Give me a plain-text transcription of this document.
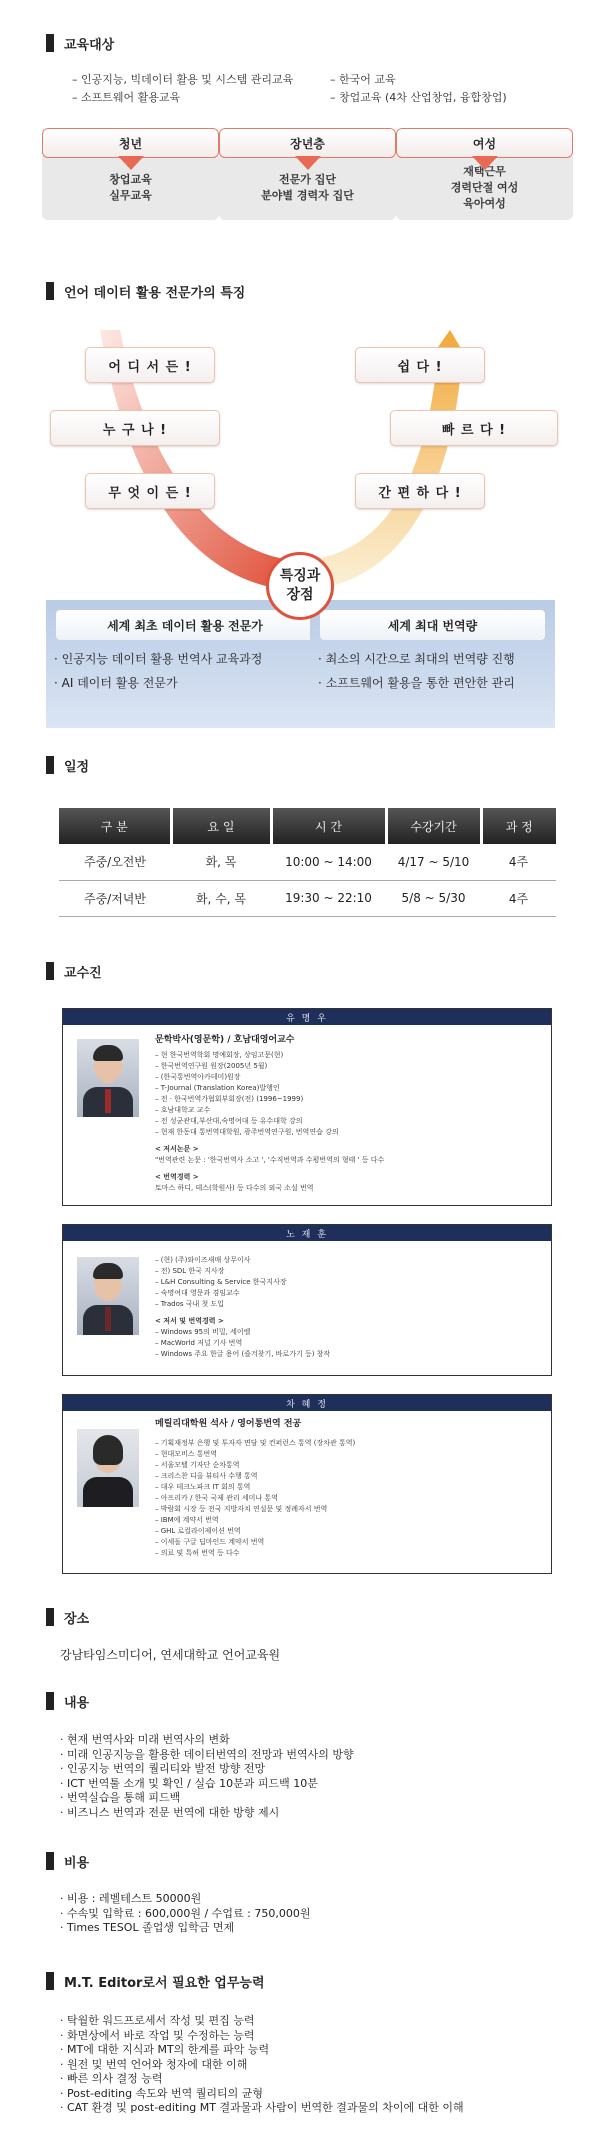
교육대상
– 인공지능, 빅데이터 활용 및 시스템 관리교육
– 소프트웨어 활용교육
– 한국어 교육
– 창업교육 (4차 산업창업, 융합창업)
청년
창업교육
실무교육
장년층
전문가 집단
분야별 경력자 집단
여성
재택근무
경력단절 여성
육아여성
언어 데이터 활용 전문가의 특징
어 디 서 든 !
누 구 나 !
무 엇 이 든 !
쉽 다 !
빠 르 다 !
간 편 하 다 !
특징과
장점
세계 최초 데이터 활용 전문가
· 인공지능 데이터 활용 번역사 교육과정
· AI 데이터 활용 전문가
세계 최대 번역량
· 최소의 시간으로 최대의 번역량 진행
· 소프트웨어 활용을 통한 편안한 관리
일정
구 분	요 일	시 간	수강기간	과 정
주중/오전반	화, 목	10:00 ~ 14:00	4/17 ~ 5/10	4주
주중/저녁반	화, 수, 목	19:30 ~ 22:10	5/8 ~ 5/30	4주
교수진
유 명 우
문학박사(영문학) / 호남대영어교수
– 현 한국번역학회 명예회장, 상임고문(현)
– 한국번역연구원 원장(2005년 5월)
– (한국통번역아카데미)원장
– T-Journal (Translation Korea)발행인
– 전 · 한국번역가협회부회장(전) (1996~1999)
– 호남대학교 교수
– 전 성균관대,부산대,숙명여대 등 유수대학 강의
– 현재 한동대 통번역대학원, 광주번역연구원, 번역연습 강의
< 저서논문 >
"번역관련 논문 : '한국번역사 소고 ', '수직번역과 수평번역의 형태 ' 등 다수
< 번역경력 >
토마스 하디, 테스(학원사) 등 다수의 외국 소설 번역
노 재 훈
– (현) (주)와이즈새매 상무이사
– 전) SDL 한국 지사장
– L&H Consulting & Service 한국지사장
– 숙명여대 영문과 겸임교수
– Trados 국내 첫 도입
< 저서 및 번역경력 >
– Windows 95의 비밀, 세이렐
– MacWorld 저널 기사 번역
– Windows 주요 한글 용어 (즐겨찾기, 바로가기 등) 창작
차 혜 정
메릴리대학원 석사 / 영어통번역 전공
– 기획재정부 은행 및 투자자 면담 및 컨퍼런스 통역 (장차관 통역)
– 현대모비스 통번역
– 서울모텔 기자단 순차통역
– 크리스찬 디올 뷰티사 수행 통역
– 대우 테크노파크 IT 회의 통역
– 아프리카 / 한국 국제 관리 세미나 통역
– 박람회 시장 등 전국 지방자치 연설문 및 정례자서 번역
– IBM에 계약서 번역
– GHL 로컬라이제이션 번역
– 이세돌 구글 딥마인드 계약서 번역
– 의료 및 특허 번역 등 다수
장소
강남타임스미디어, 연세대학교 언어교육원
내용
· 현재 번역사와 미래 번역사의 변화
· 미래 인공지능을 활용한 데이터번역의 전망과 번역사의 방향
· 인공지능 번역의 퀄리티와 발전 방향 전망
· ICT 번역툴 소개 및 확인 / 실습 10분과 피드백 10분
· 번역실습을 통해 피드백
· 비즈니스 번역과 전문 번역에 대한 방향 제시
비용
· 비용 : 레벨테스트 50000원
· 수속및 입학료 : 600,000원 / 수업료 : 750,000원
· Times TESOL 졸업생 입학금 면제
M.T. Editor로서 필요한 업무능력
· 탁월한 워드프로세서 작성 및 편집 능력
· 화면상에서 바로 작업 및 수정하는 능력
· MT에 대한 지식과 MT의 한계를 파악 능력
· 원전 및 번역 언어와 청자에 대한 이해
· 빠른 의사 결정 능력
· Post-editing 속도와 번역 퀄리티의 균형
· CAT 환경 및 post-editing MT 결과물과 사람이 번역한 결과물의 차이에 대한 이해
